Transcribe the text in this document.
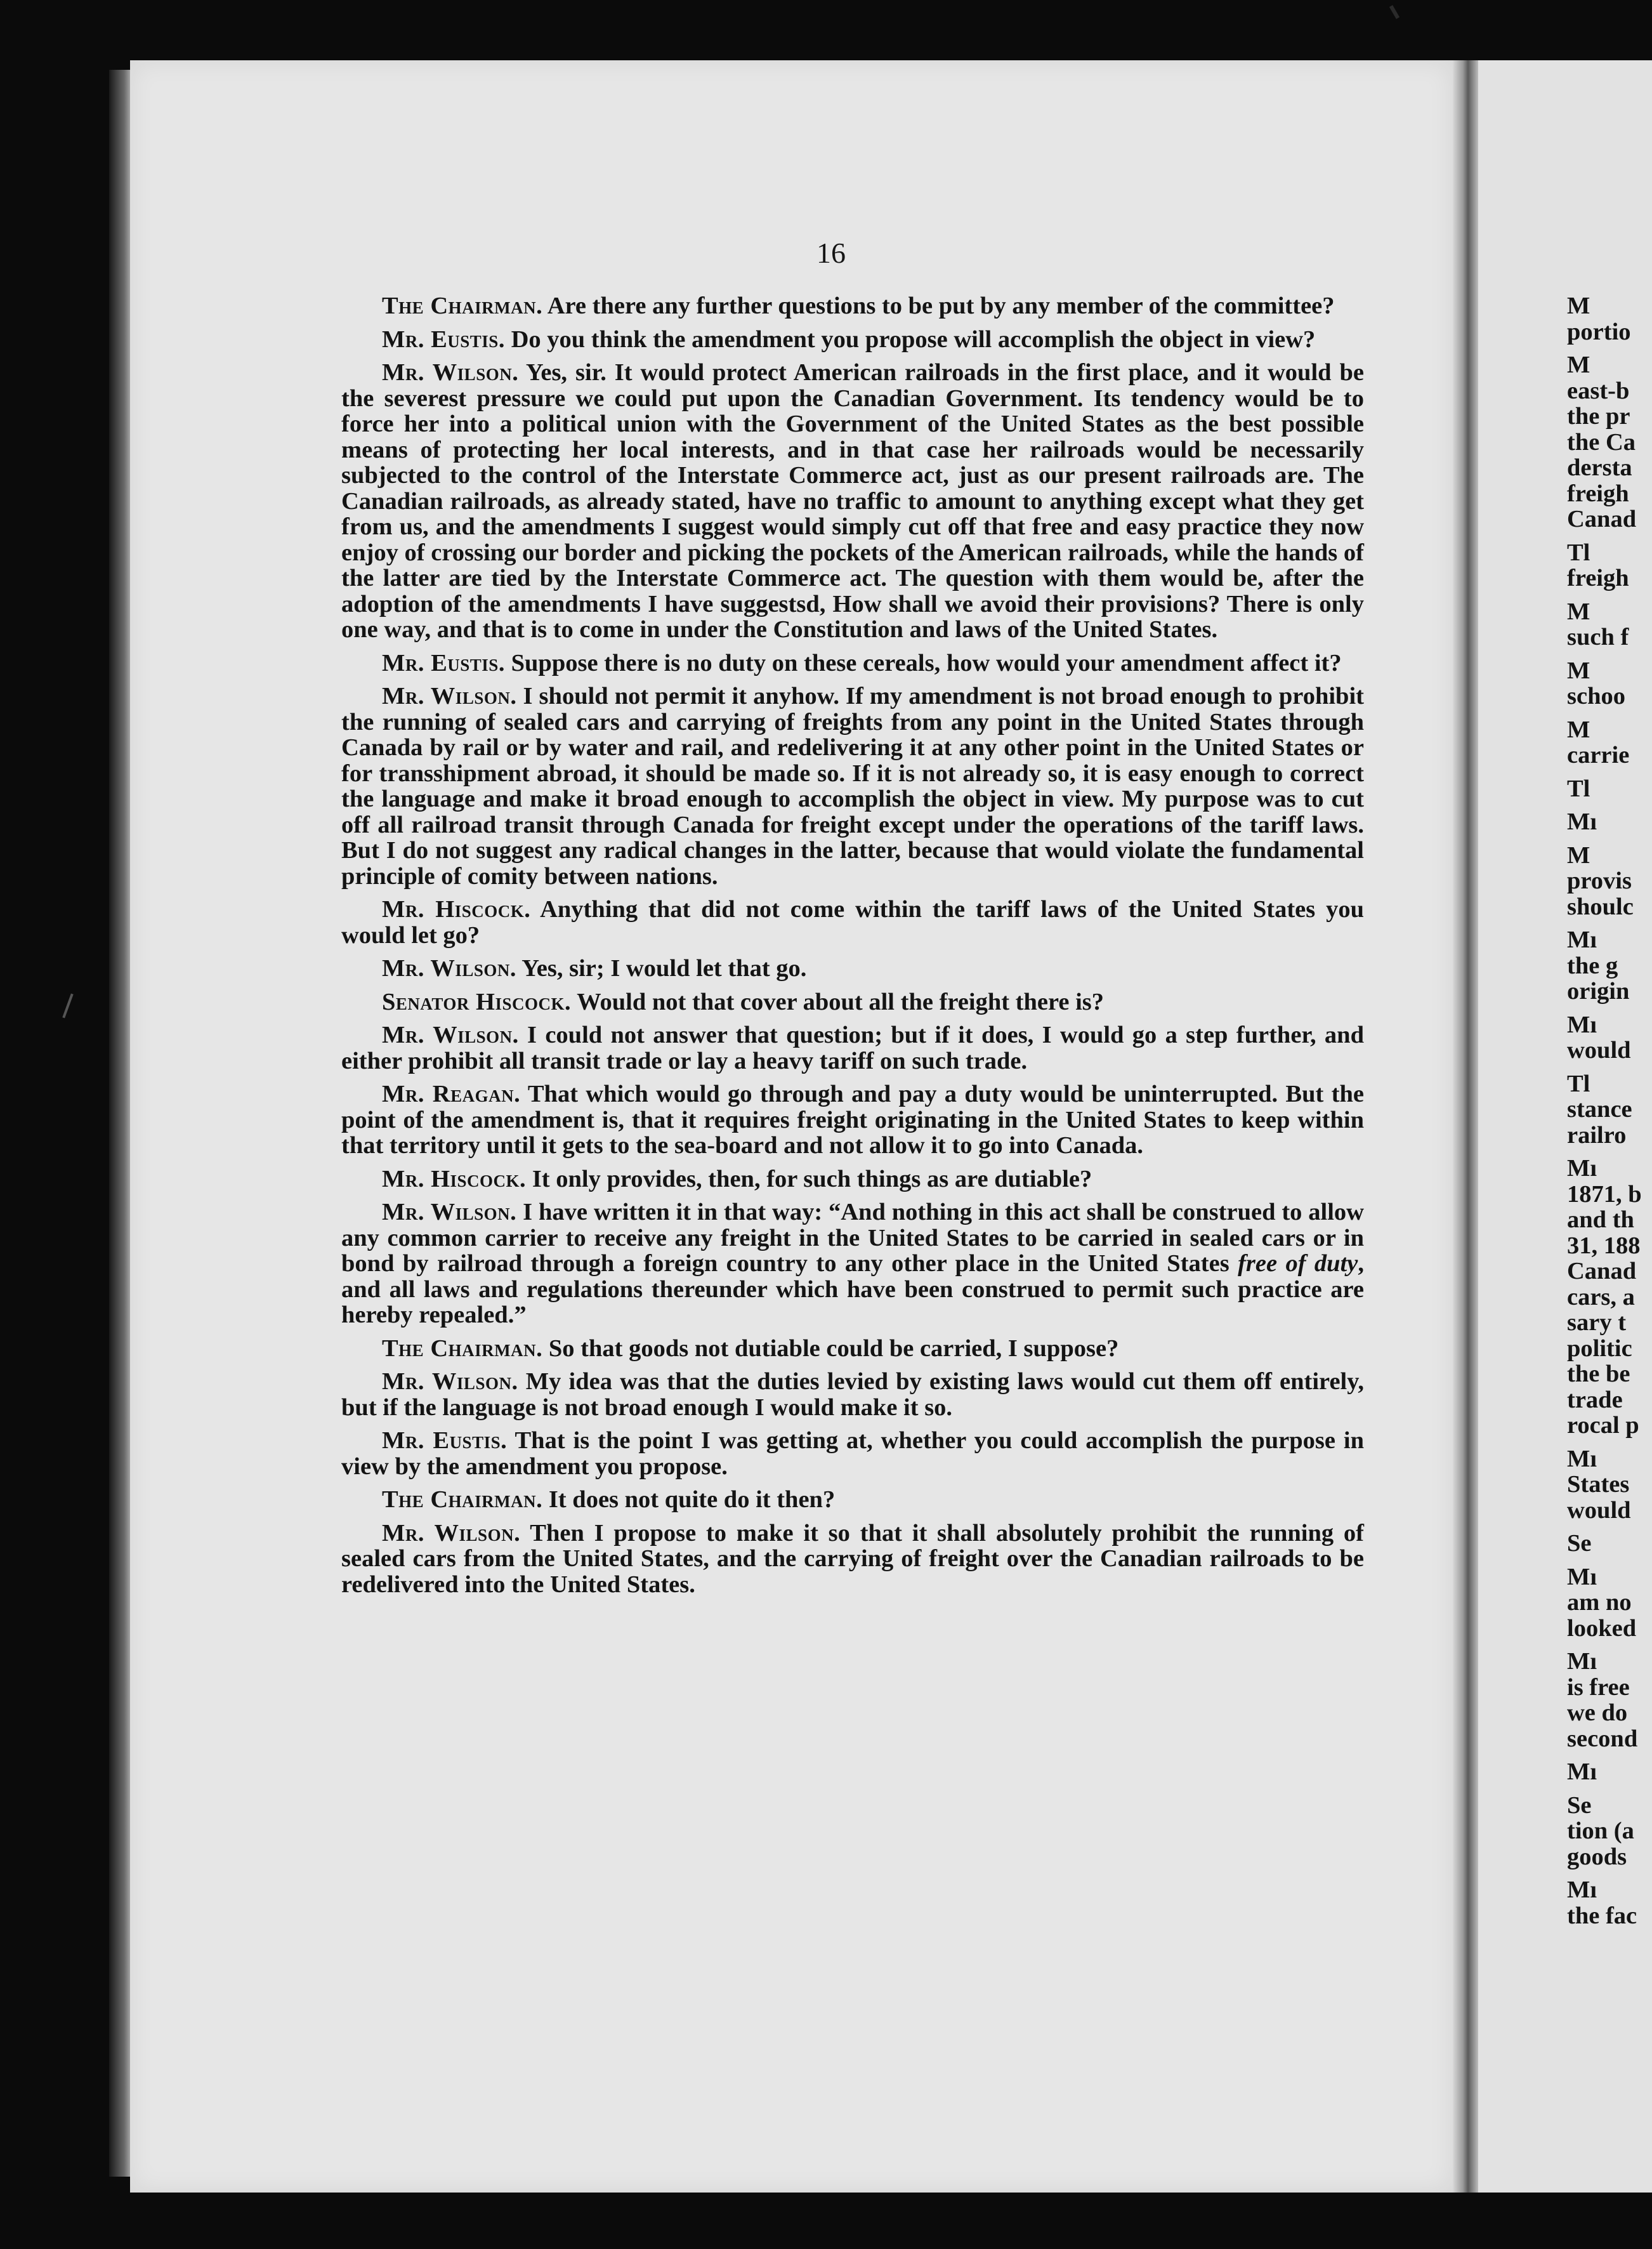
16

The Chairman. Are there any further questions to be put by any member of the committee?

Mr. Eustis. Do you think the amendment you propose will accomplish the object in view?

Mr. Wilson. Yes, sir. It would protect American railroads in the first place, and it would be the severest pressure we could put upon the Canadian Government. Its tendency would be to force her into a political union with the Government of the United States as the best possible means of protecting her local interests, and in that case her railroads would be necessarily subjected to the control of the Interstate Commerce act, just as our present railroads are. The Canadian railroads, as already stated, have no traffic to amount to anything except what they get from us, and the amendments I suggest would simply cut off that free and easy practice they now enjoy of crossing our border and picking the pockets of the American railroads, while the hands of the latter are tied by the Interstate Commerce act. The question with them would be, after the adoption of the amendments I have suggestsd, How shall we avoid their provisions? There is only one way, and that is to come in under the Constitution and laws of the United States.

Mr. Eustis. Suppose there is no duty on these cereals, how would your amendment affect it?

Mr. Wilson. I should not permit it anyhow. If my amendment is not broad enough to prohibit the running of sealed cars and carrying of freights from any point in the United States through Canada by rail or by water and rail, and redelivering it at any other point in the United States or for transshipment abroad, it should be made so. If it is not already so, it is easy enough to correct the language and make it broad enough to accomplish the object in view. My purpose was to cut off all railroad transit through Canada for freight except under the operations of the tariff laws. But I do not suggest any radical changes in the latter, because that would violate the fundamental principle of comity between nations.

Mr. Hiscock. Anything that did not come within the tariff laws of the United States you would let go?

Mr. Wilson. Yes, sir; I would let that go.

Senator Hiscock. Would not that cover about all the freight there is?

Mr. Wilson. I could not answer that question; but if it does, I would go a step further, and either prohibit all transit trade or lay a heavy tariff on such trade.

Mr. Reagan. That which would go through and pay a duty would be uninterrupted. But the point of the amendment is, that it requires freight originating in the United States to keep within that territory until it gets to the sea-board and not allow it to go into Canada.

Mr. Hiscock. It only provides, then, for such things as are dutiable?

Mr. Wilson. I have written it in that way: “And nothing in this act shall be construed to allow any common carrier to receive any freight in the United States to be carried in sealed cars or in bond by railroad through a foreign country to any other place in the United States free of duty, and all laws and regulations thereunder which have been construed to permit such practice are hereby repealed.”

The Chairman. So that goods not dutiable could be carried, I suppose?

Mr. Wilson. My idea was that the duties levied by existing laws would cut them off entirely, but if the language is not broad enough I would make it so.

Mr. Eustis. That is the point I was getting at, whether you could accomplish the purpose in view by the amendment you propose.

The Chairman. It does not quite do it then?

Mr. Wilson. Then I propose to make it so that it shall absolutely prohibit the running of sealed cars from the United States, and the carrying of freight over the Canadian railroads to be redelivered into the United States.

M
portio
M
east-b
the pr
the Ca
dersta
freigh
Canad
Tl
freigh
M
such f
M
schoo
M
carrie
Tl
Mı
M
provis
shoulc
Mı
the g
origin
Mı
would
Tl
stance
railro
Mı
1871, b
and th
31, 188
Canad
cars, a
sary t
politic
the be
trade
rocal p
Mı
States
would
Se
Mı
am no
looked
Mı
is free
we do
second
Mı
Se
tion (a
goods
Mı
the fac
